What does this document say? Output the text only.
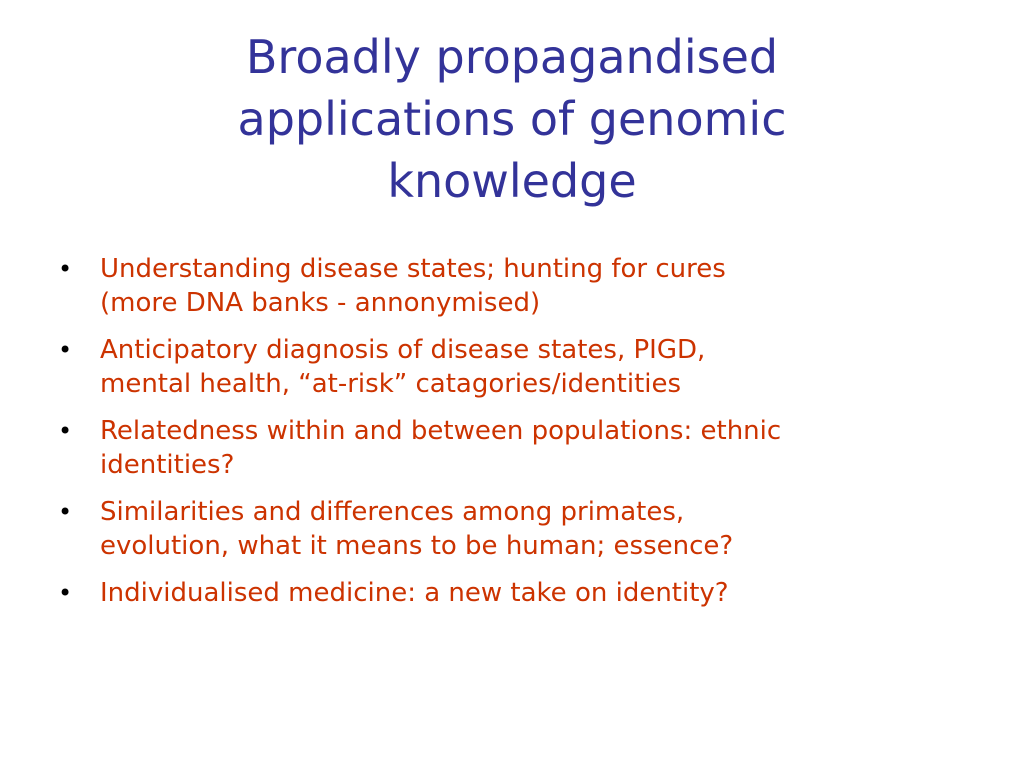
Broadly propagandised
applications of genomic
knowledge
•	Understanding disease states; hunting for cures
(more DNA banks - annonymised)
•	Anticipatory diagnosis of disease states, PIGD,
mental health, “at-risk” catagories/identities
•	Relatedness within and between populations: ethnic
identities?
•	Similarities and differences among primates,
evolution, what it means to be human; essence?
•	Individualised medicine: a new take on identity?
